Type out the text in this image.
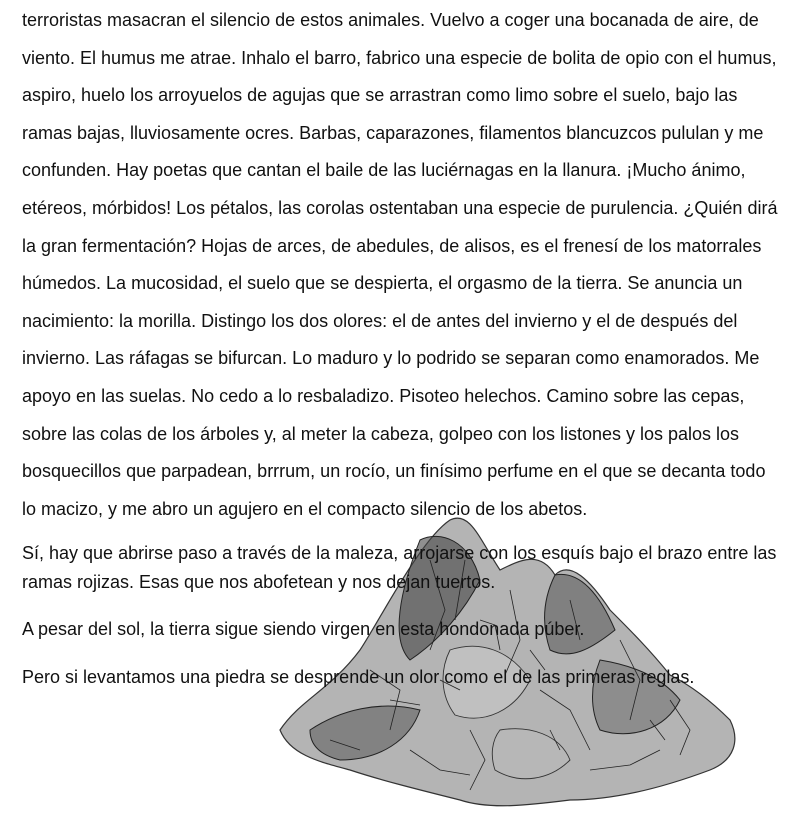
terroristas masacran el silencio de estos animales. Vuelvo a coger una bocanada de aire, de viento. El humus me atrae. Inhalo el barro, fabrico una especie de bolita de opio con el humus, aspiro, huelo los arroyuelos de agujas que se arrastran como limo sobre el suelo, bajo las ramas bajas, lluviosamente ocres. Barbas, caparazones, filamentos blancuzcos pululan y me confunden. Hay poetas que cantan el baile de las luciérnagas en la llanura. ¡Mucho ánimo, etéreos, mórbidos! Los pétalos, las corolas ostentaban una especie de purulencia. ¿Quién dirá la gran fermentación? Hojas de arces, de abedules, de alisos, es el frenesí de los matorrales húmedos. La mucosidad, el suelo que se despierta, el orgasmo de la tierra. Se anuncia un nacimiento: la morilla. Distingo los dos olores: el de antes del invierno y el de después del invierno. Las ráfagas se bifurcan. Lo maduro y lo podrido se separan como enamorados. Me apoyo en las suelas. No cedo a lo resbaladizo. Pisoteo helechos. Camino sobre las cepas, sobre las colas de los árboles y, al meter la cabeza, golpeo con los listones y los palos los bosquecillos que parpadean, brrrum, un rocío, un finísimo perfume en el que se decanta todo lo macizo, y me abro un agujero en el compacto silencio de los abetos.

Sí, hay que abrirse paso a través de la maleza, arrojarse con los esquís bajo el brazo entre las ramas rojizas. Esas que nos abofetean y nos dejan tuertos.

A pesar del sol, la tierra sigue siendo virgen en esta hondonada púber.

Pero si levantamos una piedra se desprende un olor como el de las primeras reglas.
